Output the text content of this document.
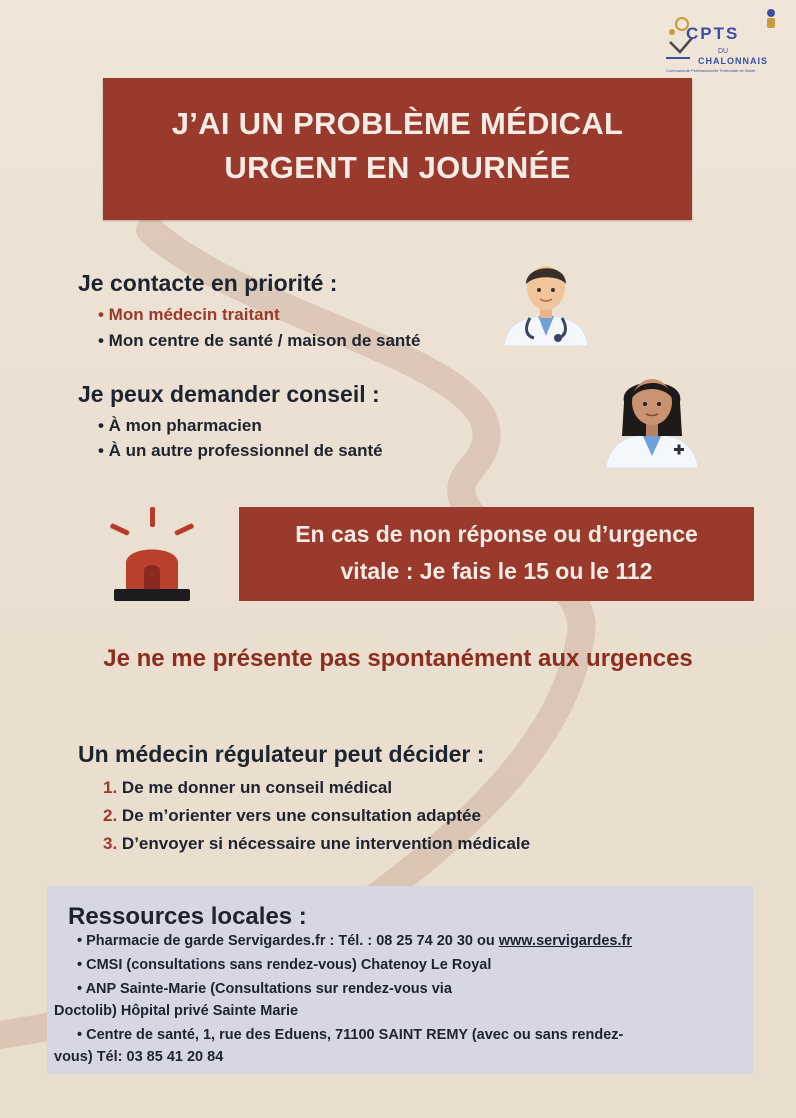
CPTS
DU
CHALONNAIS
Communauté Professionnelle Territoriale de Santé
J’AI UN PROBLÈME MÉDICAL
URGENT EN JOURNÉE
Je contacte en priorité :
• Mon médecin traitant
• Mon centre de santé / maison de santé
Je peux demander conseil :
• À mon pharmacien
• À un autre professionnel de santé
En cas de non réponse ou d’urgence
vitale : Je fais le 15 ou le 112
Je ne me présente pas spontanément aux urgences
Un médecin régulateur peut décider :
1. De me donner un conseil médical
2. De m’orienter vers une consultation adaptée
3. D’envoyer si nécessaire une intervention médicale
Ressources locales :
• Pharmacie de garde Servigardes.fr : Tél. : 08 25 74 20 30 ou www.servigardes.fr
• CMSI (consultations sans rendez-vous) Chatenoy Le Royal
• ANP Sainte-Marie (Consultations sur rendez-vous via
Doctolib) Hôpital privé Sainte Marie
• Centre de santé, 1, rue des Eduens, 71100 SAINT REMY (avec ou sans rendez-
vous) Tél: 03 85 41 20 84
